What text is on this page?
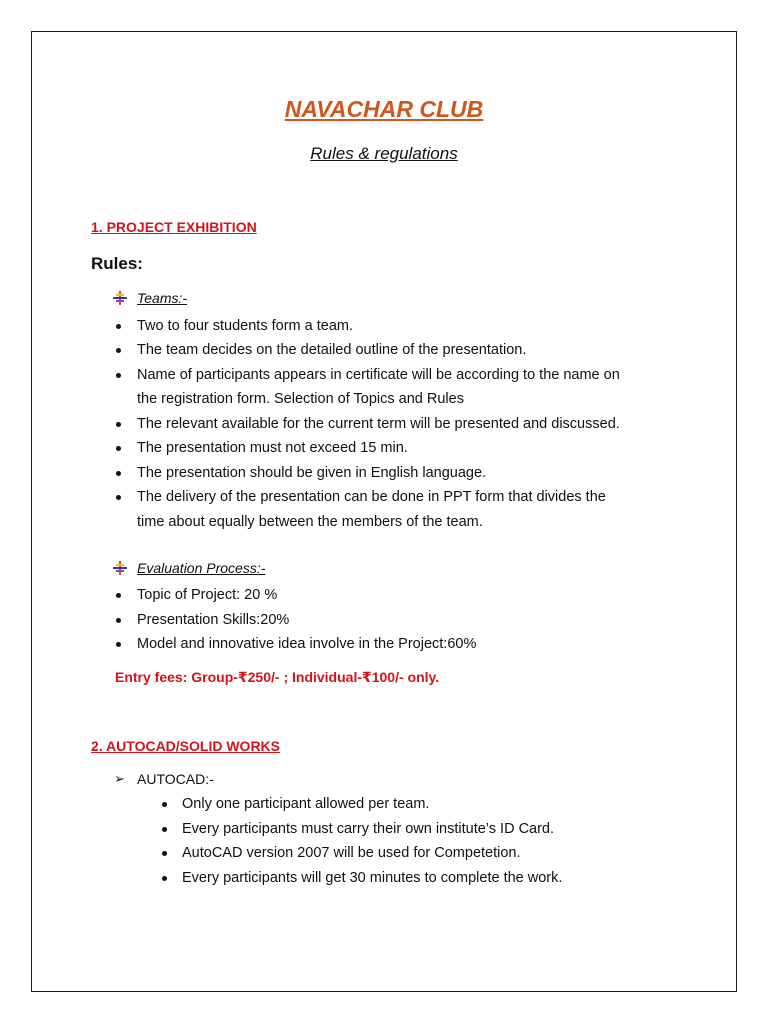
NAVACHAR CLUB
Rules & regulations
1. PROJECT EXHIBITION
Rules:
Teams:-
Two to four students form a team.
The team decides on the detailed outline of the presentation.
Name of participants appears in certificate will be according to the name on
the registration form. Selection of Topics and Rules
The relevant available for the current term will be presented and discussed.
The presentation must not exceed 15 min.
The presentation should be given in English language.
The delivery of the presentation can be done in PPT form that divides the
time about equally between the members of the team.
Evaluation Process:-
Topic of Project: 20 %
Presentation Skills:20%
Model and innovative idea involve in the Project:60%
Entry fees: Group-₹250/- ; Individual-₹100/- only.
2. AUTOCAD/SOLID WORKS
➢ AUTOCAD:-
Only one participant allowed per team.
Every participants must carry their own institute’s ID Card.
AutoCAD version 2007 will be used for Competetion.
Every participants will get 30 minutes to complete the work.
